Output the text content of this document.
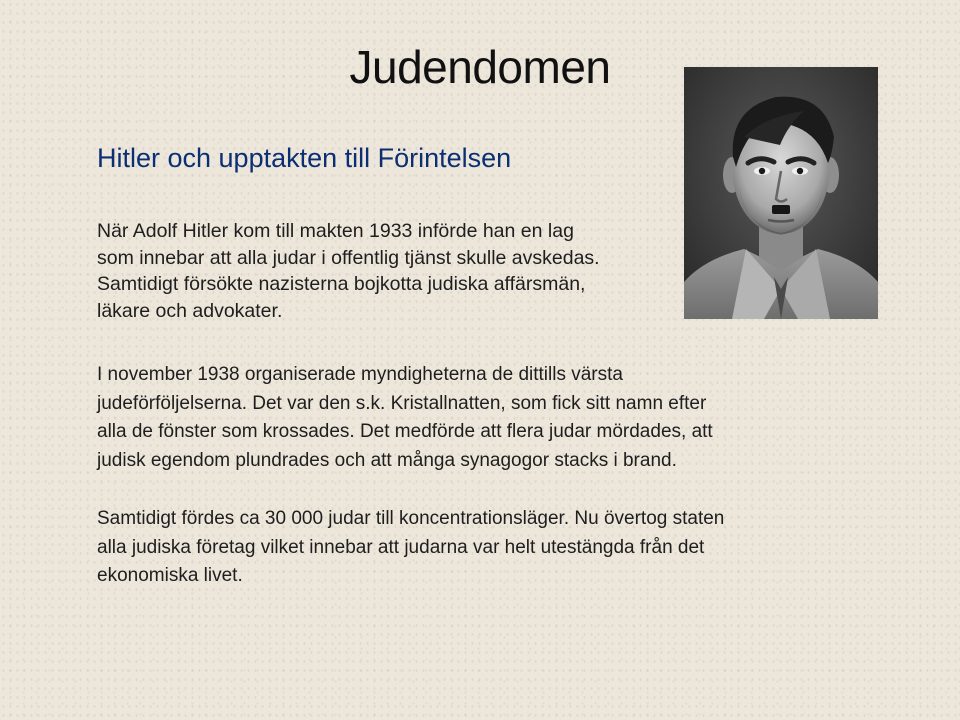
Judendomen
Hitler och upptakten till Förintelsen

När Adolf Hitler kom till makten 1933 införde han en lag
som innebar att alla judar i offentlig tjänst skulle avskedas.
Samtidigt försökte nazisterna bojkotta judiska affärsmän,
läkare och advokater.

I november 1938 organiserade myndigheterna de dittills värsta
judeförföljelserna. Det var den s.k. Kristallnatten, som fick sitt namn efter
alla de fönster som krossades. Det medförde att flera judar mördades, att
judisk egendom plundrades och att många synagogor stacks i brand.

Samtidigt fördes ca 30 000 judar till koncentrationsläger. Nu övertog staten
alla judiska företag vilket innebar att judarna var helt utestängda från det
ekonomiska livet.
